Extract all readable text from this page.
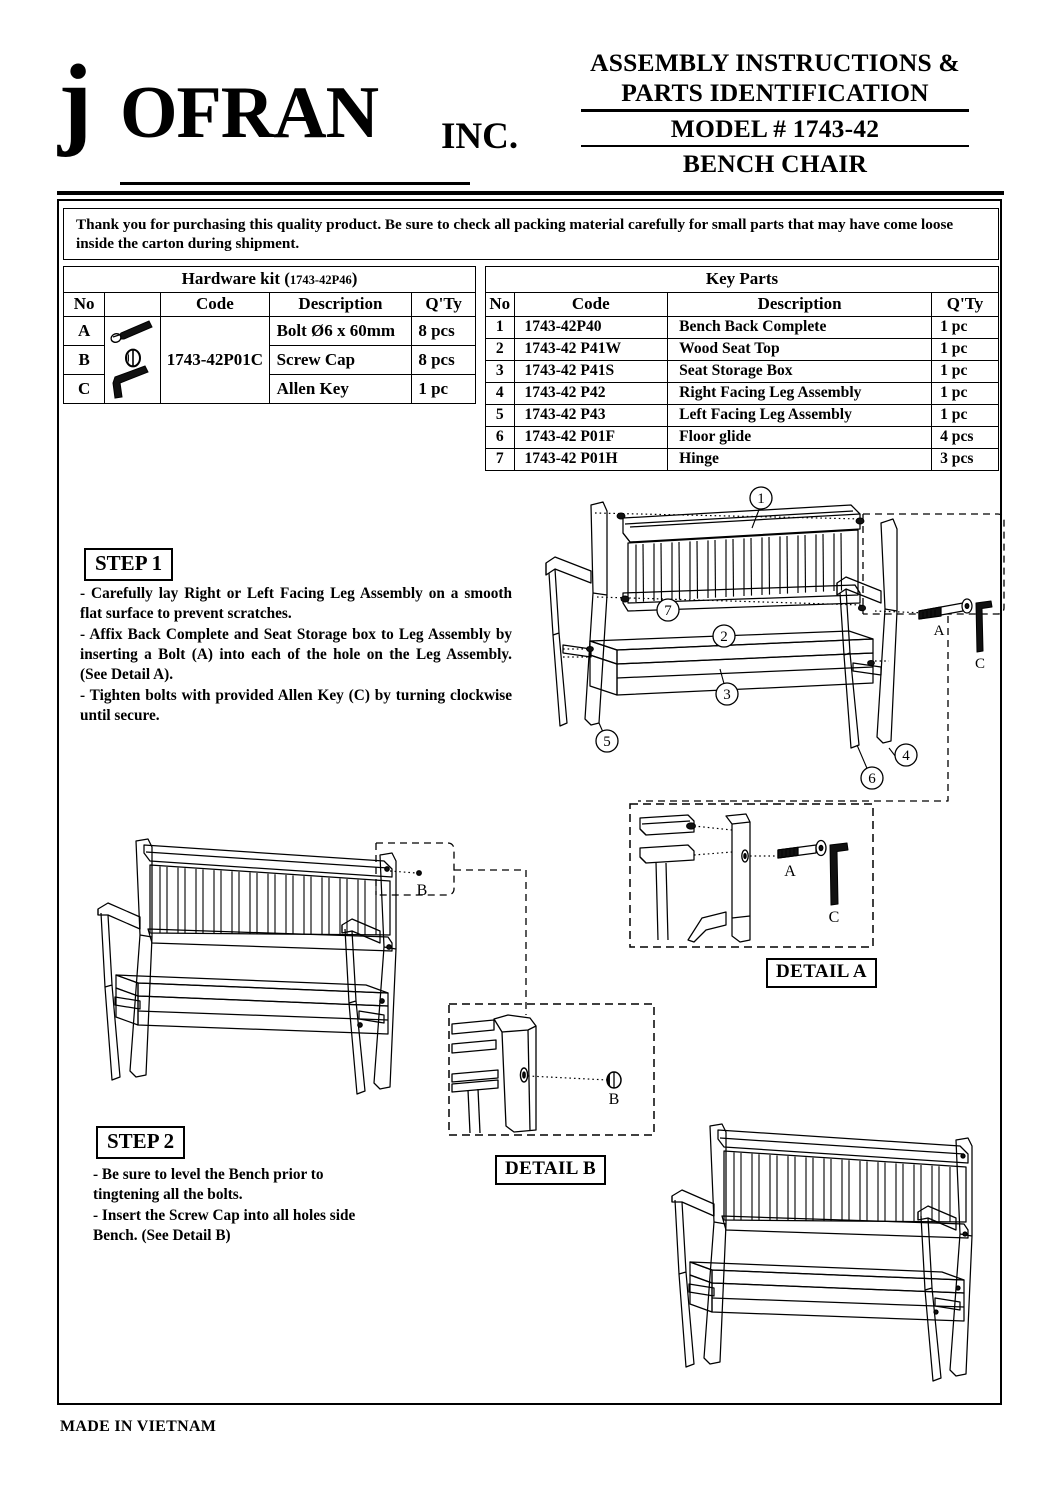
j OFRAN INC.
ASSEMBLY INSTRUCTIONS &
PARTS IDENTIFICATION
MODEL # 1743-42
BENCH CHAIR

Thank you for purchasing this quality product. Be sure to check all packing material carefully for small parts that may have come loose inside the carton during shipment.

Hardware kit (1743-42P46)				
No		Code	Description	Q'Ty
A		1743-42P01C	Bolt Ø6 x 60mm	8 pcs
B			Screw Cap	8 pcs
C			Allen Key	1 pc
Key Parts			
No	Code	Description	Q'Ty
1	1743-42P40	Bench Back Complete	1 pc
2	1743-42 P41W	Wood Seat Top	1 pc
3	1743-42 P41S	Seat Storage Box	1 pc
4	1743-42 P42	Right Facing Leg Assembly	1 pc
5	1743-42 P43	Left Facing Leg Assembly	1 pc
6	1743-42 P01F	Floor glide	4 pcs
7	1743-42 P01H	Hinge	3 pcs
STEP 1

- Carefully lay Right or Left Facing Leg Assembly on a smooth flat surface to prevent scratches.

- Affix Back Complete and Seat Storage box to Leg Assembly by inserting a Bolt (A) into each of the hole on the Leg Assembly. (See Detail A).

- Tighten bolts with provided Allen Key (C) by turning clockwise until secure.

STEP 2

- Be sure to level the Bench prior to tingtening all the bolts.

- Insert the Screw Cap into all holes side Bench. (See Detail B)

1
2
3
4
5
6
7
A
C
A
C
DETAIL A
B
DETAIL B
B
MADE IN VIETNAM
